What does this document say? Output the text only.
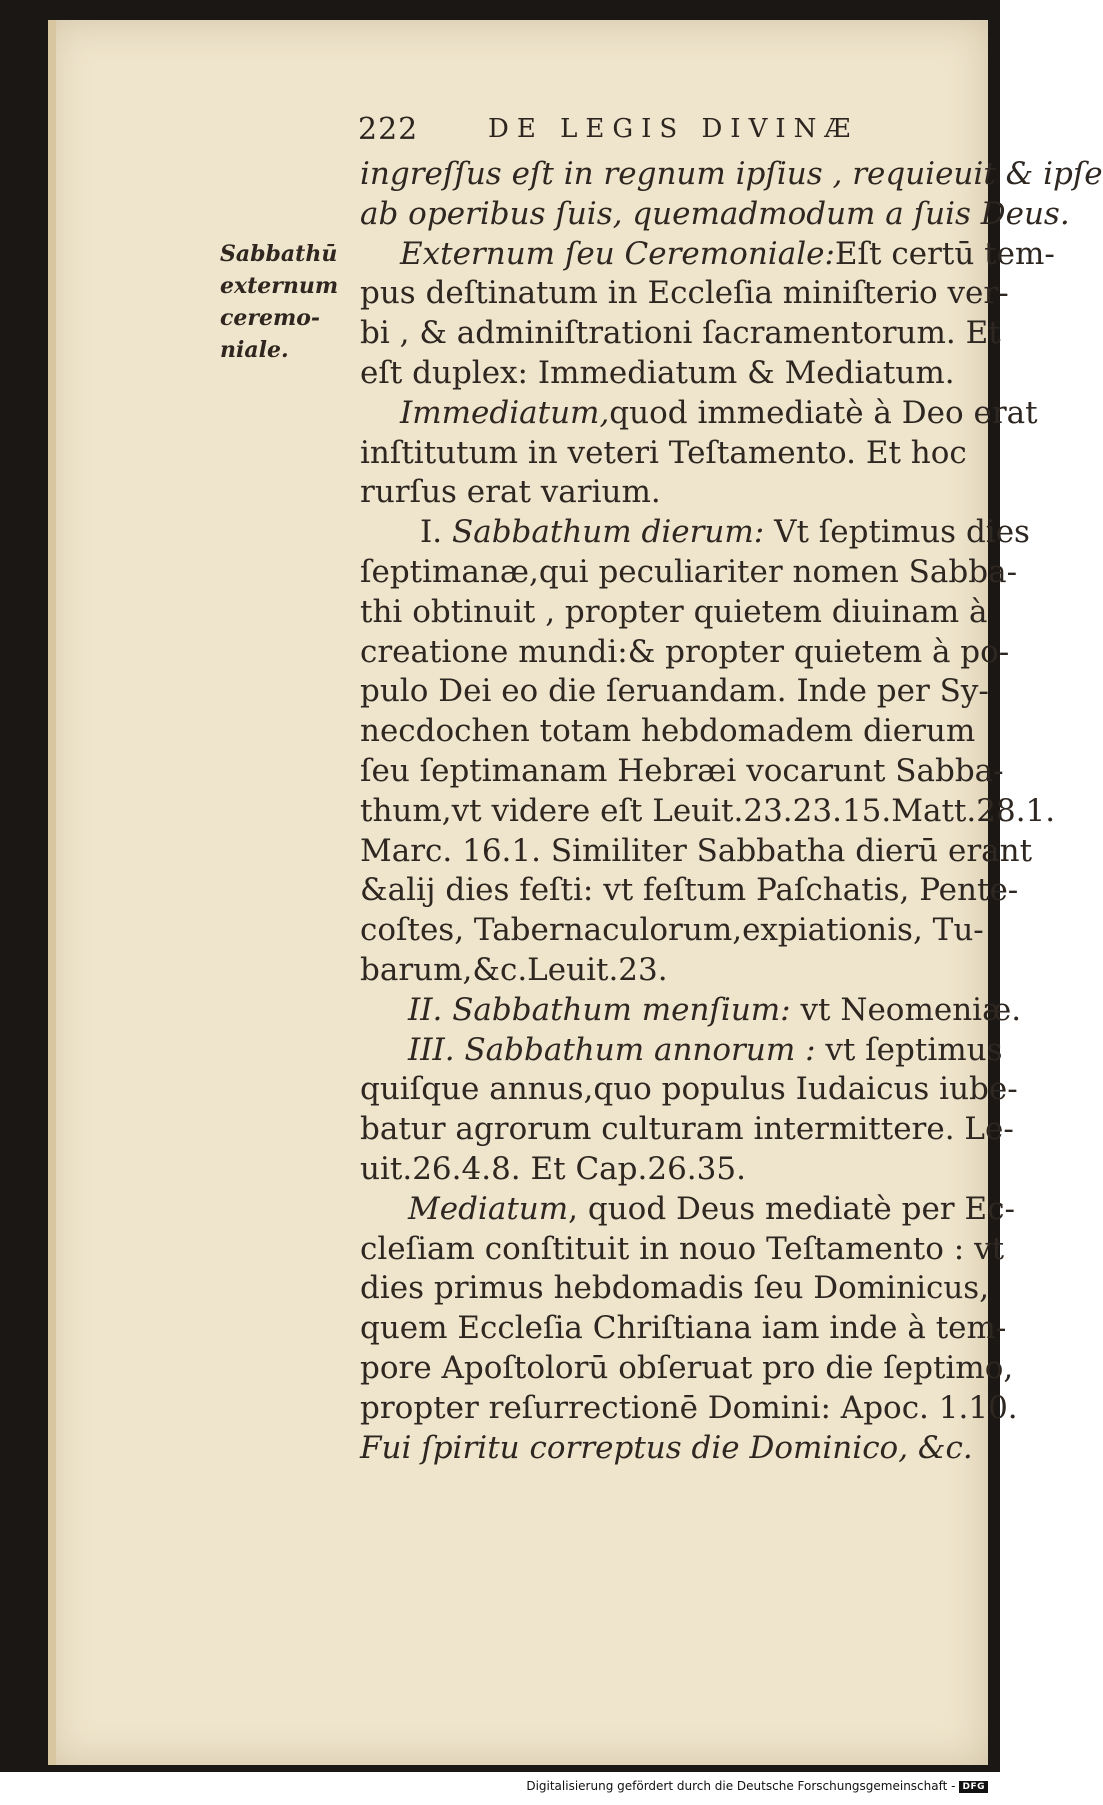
222	DE LEGIS DIVINÆ
Sabbathū
externum
ceremo-
niale.
ingreſſus eſt in regnum ipſius , requieuit & ipſe
ab operibus ſuis, quemadmodum a ſuis Deus.
Externum ſeu Ceremoniale:Eſt certū tem-
pus deſtinatum in Eccleſia miniſterio ver-
bi , & adminiſtrationi ſacramentorum. Et
eſt duplex: Immediatum & Mediatum.
Immediatum,quod immediatè à Deo erat
inſtitutum in veteri Teſtamento. Et hoc
rurſus erat varium.
I. Sabbathum dierum: Vt ſeptimus dies
ſeptimanæ,qui peculiariter nomen Sabba-
thi obtinuit , propter quietem diuinam à
creatione mundi:& propter quietem à po-
pulo Dei eo die ſeruandam. Inde per Sy-
necdochen totam hebdomadem dierum
ſeu ſeptimanam Hebræi vocarunt Sabba-
thum,vt videre eſt Leuit.23.23.15.Matt.28.1.
Marc. 16.1. Similiter Sabbatha dierū erant
&alij dies feſti: vt feſtum Paſchatis, Pente-
coſtes, Tabernaculorum,expiationis, Tu-
barum,&c.Leuit.23.
II. Sabbathum menſium: vt Neomeniæ.
III. Sabbathum annorum : vt ſeptimus
quiſque annus,quo populus Iudaicus iube-
batur agrorum culturam intermittere. Le-
uit.26.4.8. Et Cap.26.35.
Mediatum, quod Deus mediatè per Ec-
cleſiam conſtituit in nouo Teſtamento : vt
dies primus hebdomadis ſeu Dominicus,
quem Eccleſia Chriſtiana iam inde à tem-
pore Apoſtolorū obſeruat pro die ſeptimo,
propter reſurrectionē Domini: Apoc. 1.10.
Fui ſpiritu correptus die Dominico, &c.
Digitalisierung gefördert durch die Deutsche Forschungsgemeinschaft - DFG
